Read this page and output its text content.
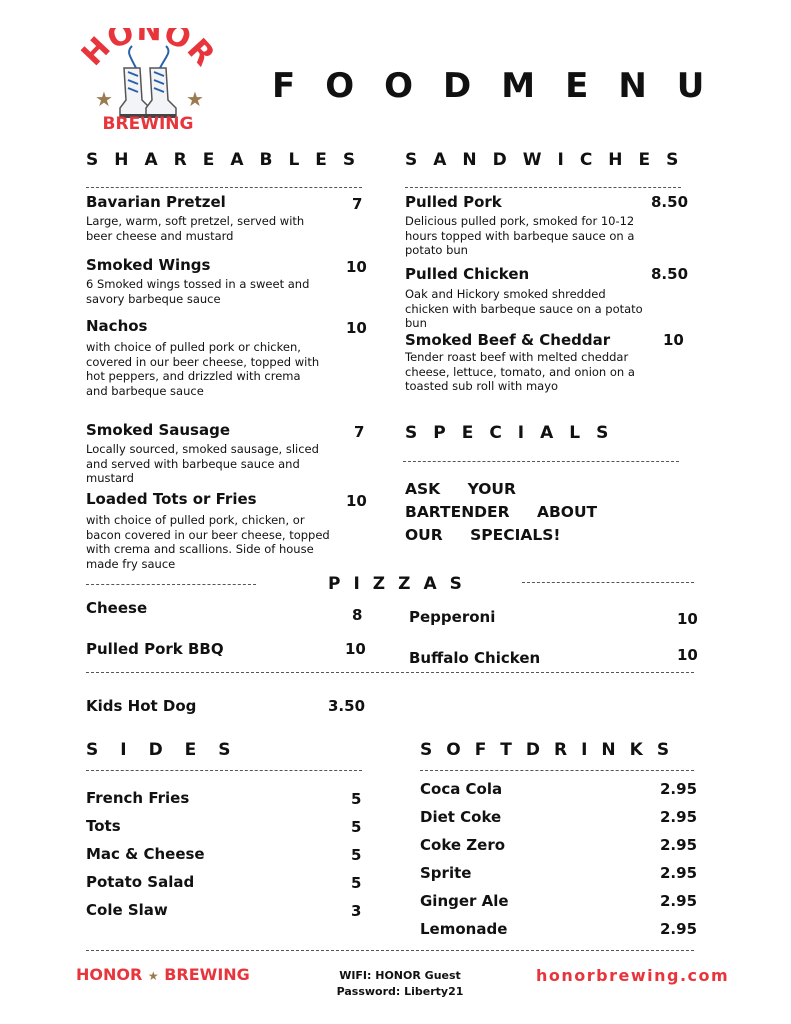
HONOR
★	★
BREWING
FOODMENU
SHAREABLES
Bavarian Pretzel	7
Large, warm, soft pretzel, served with beer cheese and mustard
Smoked Wings	10
6 Smoked wings tossed in a sweet and savory barbeque sauce
Nachos	10
with choice of pulled pork or chicken, covered in our beer cheese, topped with hot peppers, and drizzled with crema and barbeque sauce
Smoked Sausage	7
Locally sourced, smoked sausage, sliced and served with barbeque sauce and mustard
Loaded Tots or Fries	10
with choice of pulled pork, chicken, or bacon covered in our beer cheese, topped with crema and scallions. Side of house made fry sauce
SANDWICHES
Pulled Pork	8.50
Delicious pulled pork, smoked for 10-12 hours topped with barbeque sauce on a potato bun
Pulled Chicken	8.50
Oak and Hickory smoked shredded chicken with barbeque sauce on a potato bun
Smoked Beef & Cheddar	10
Tender roast beef with melted cheddar cheese, lettuce, tomato, and onion on a toasted sub roll with mayo
SPECIALS
ASK YOUR BARTENDER ABOUT OUR SPECIALS!
PIZZAS
Cheese	8
Pulled Pork BBQ	10
Pepperoni	10
Buffalo Chicken	10
Kids Hot Dog	3.50
SIDES
French Fries	5
Tots	5
Mac & Cheese	5
Potato Salad	5
Cole Slaw	3
SOFTDRINKS
Coca Cola	2.95
Diet Coke	2.95
Coke Zero	2.95
Sprite	2.95
Ginger Ale	2.95
Lemonade	2.95
HONOR ★ BREWING	WIFI: HONOR Guest
Password: Liberty21
honorbrewing.com
